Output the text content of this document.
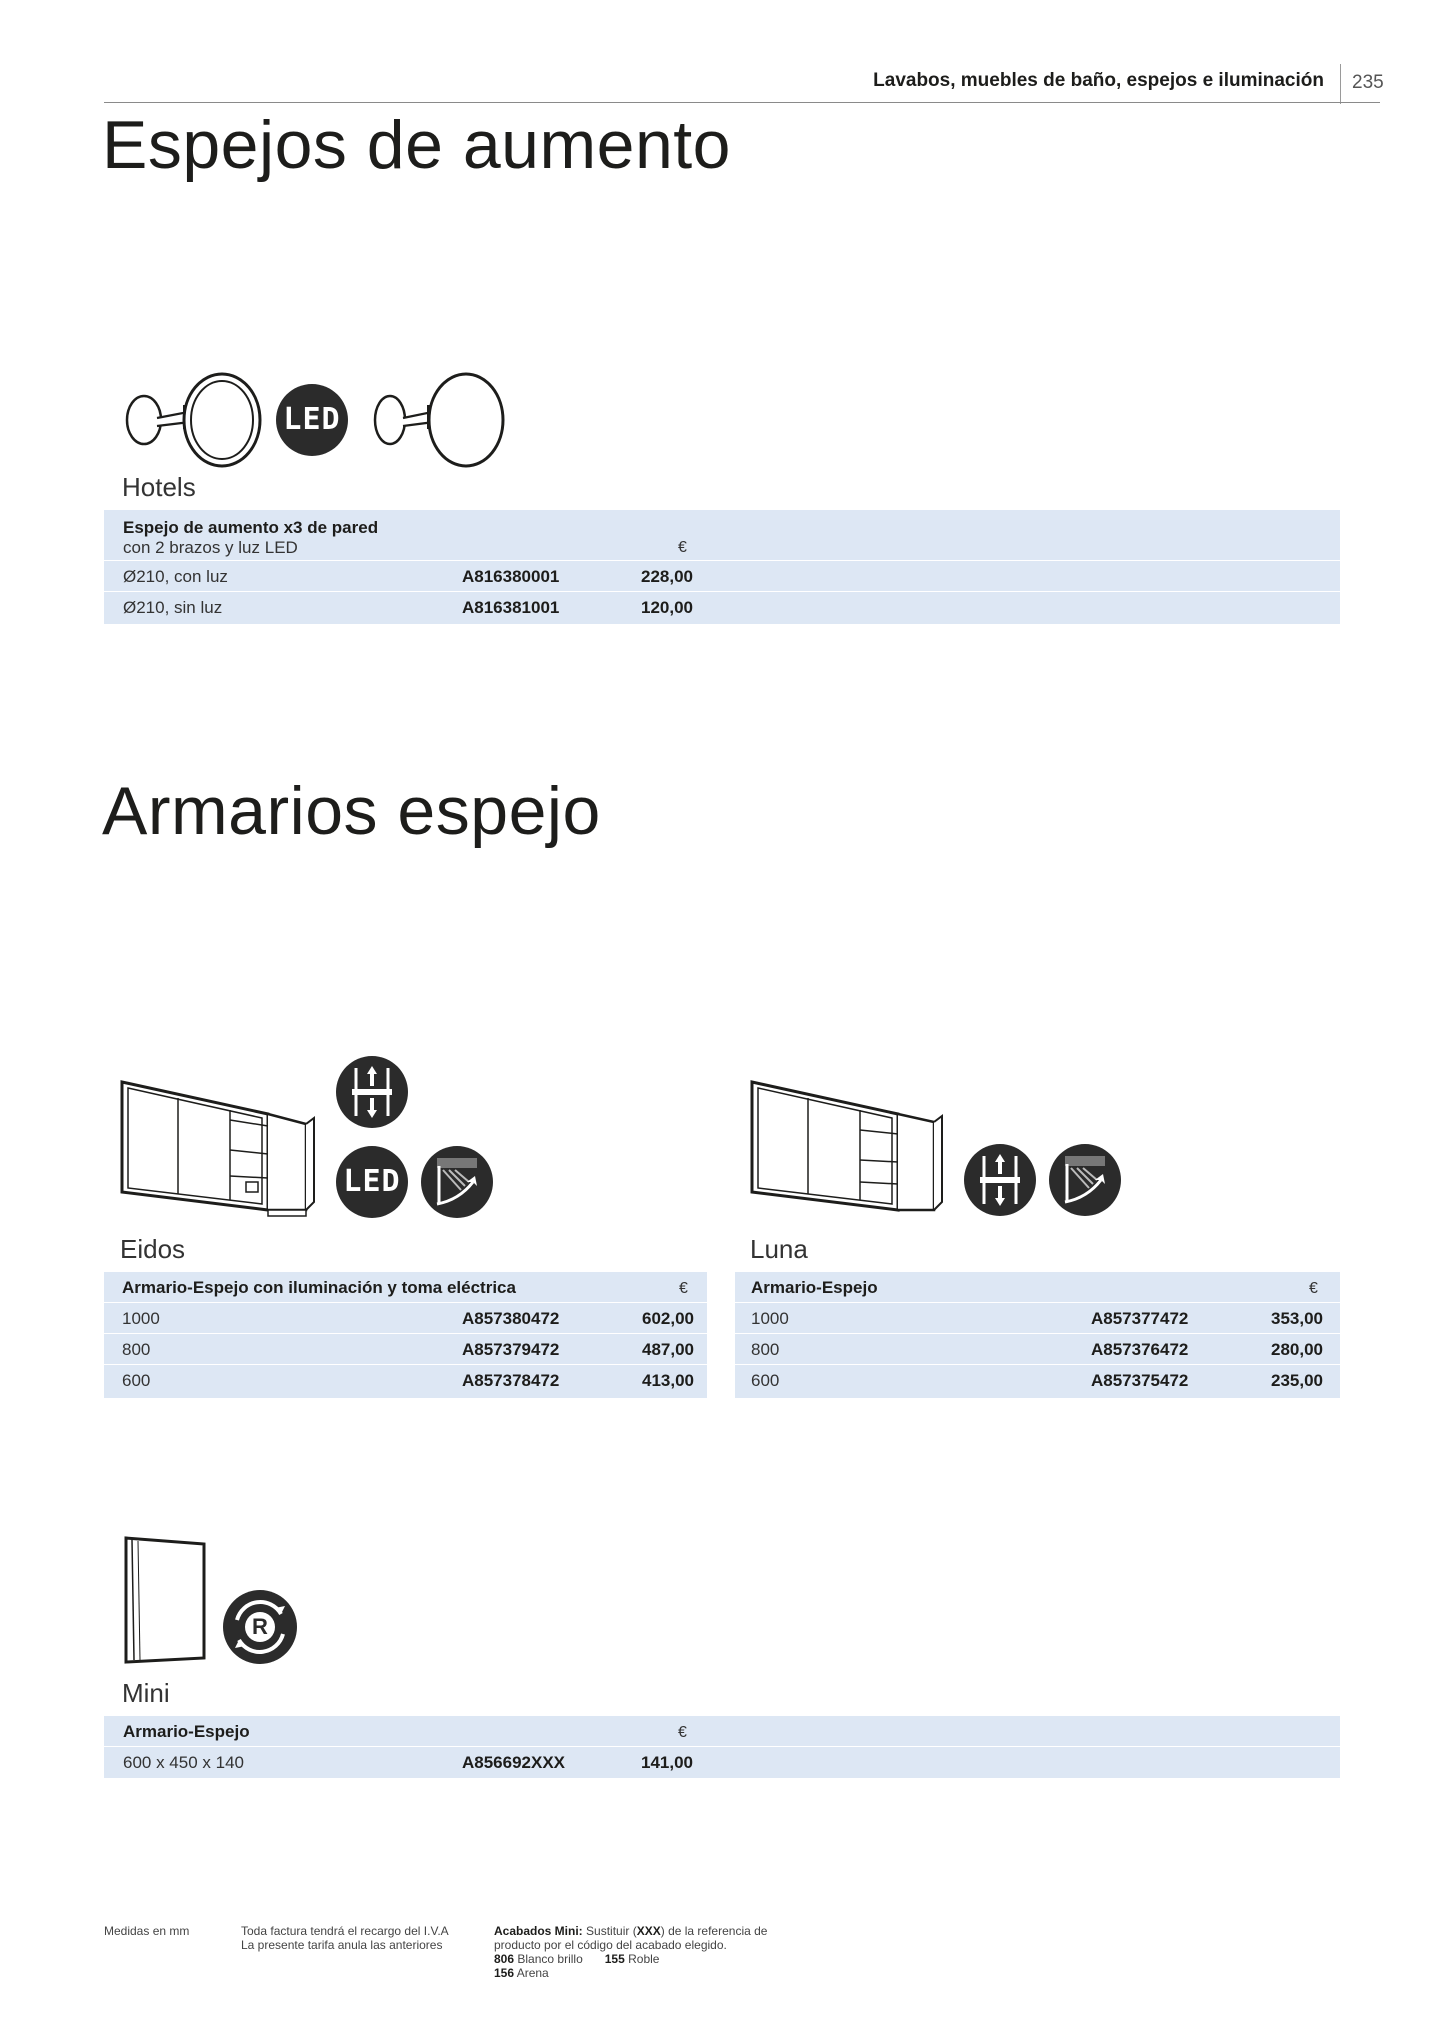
Lavabos, muebles de baño, espejos e iluminación 235
Espejos de aumento
LED
Hotels
Espejo de aumento x3 de pared
con 2 brazos y luz LED	€
Ø210, con luz	A816380001	228,00
Ø210, sin luz	A816381001	120,00
Armarios espejo
LED
Eidos
Armario-Espejo con iluminación y toma eléctrica	€
1000	A857380472	602,00
800	A857379472	487,00
600	A857378472	413,00
Luna
Armario-Espejo	€
1000	A857377472	353,00
800	A857376472	280,00
600	A857375472	235,00
R
Mini
Armario-Espejo	€
600 x 450 x 140	A856692XXX	141,00
Medidas en mm	Toda factura tendrá el recargo del I.V.A
La presente tarifa anula las anteriores
Acabados Mini: Sustituir (XXX) de la referencia de
producto por el código del acabado elegido.
806 Blanco brillo 155 Roble
156 Arena
